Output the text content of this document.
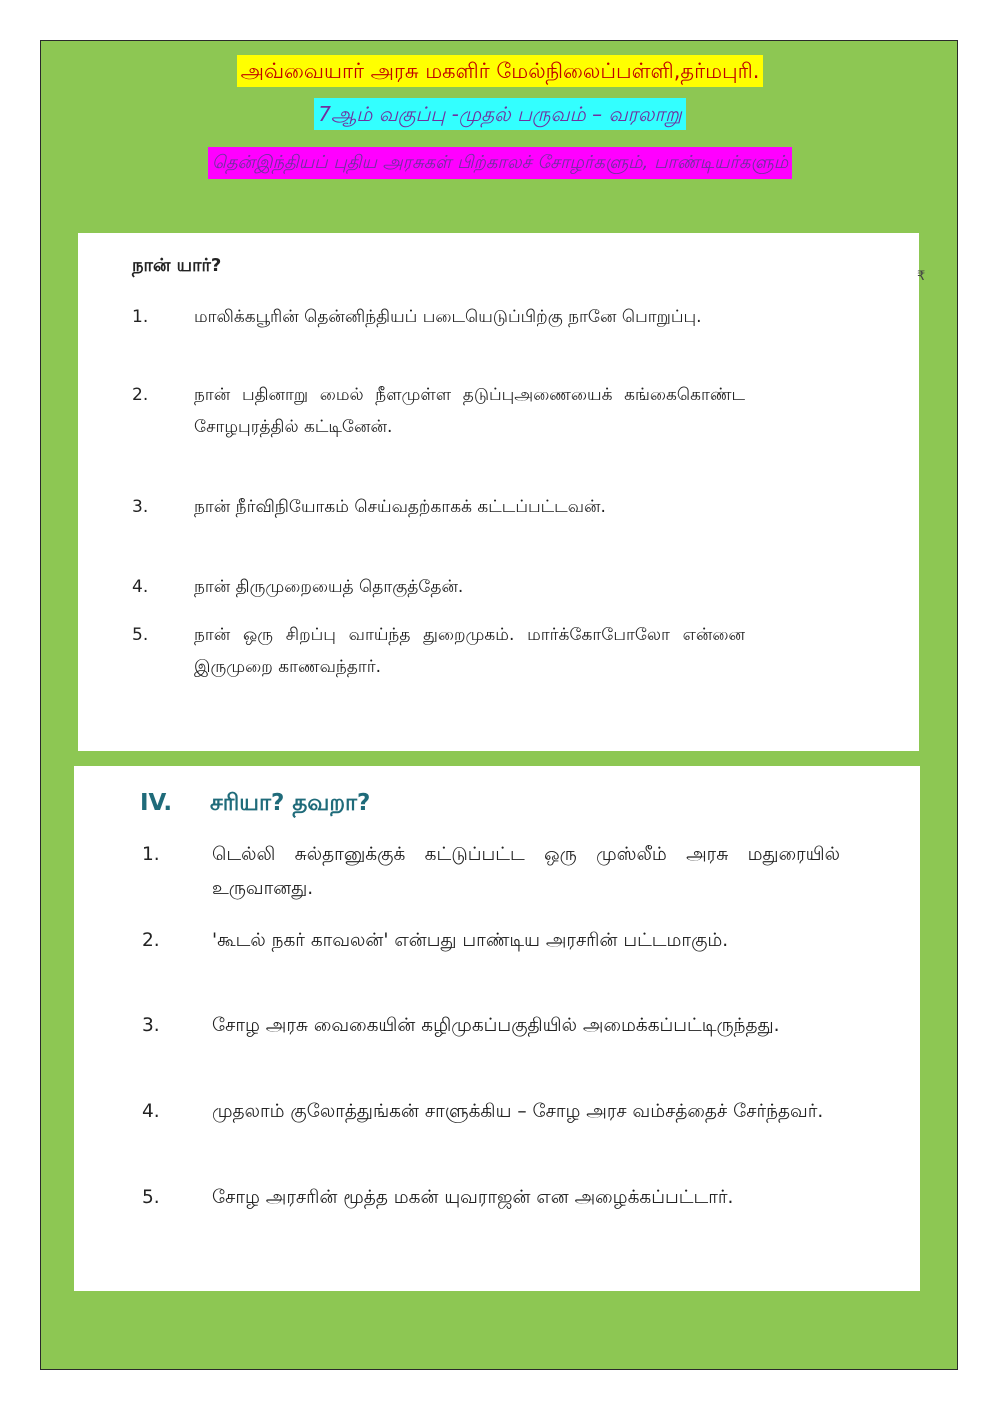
அவ்வையார் அரசு மகளிர் மேல்நிலைப்பள்ளி,தர்மபுரி.
7ஆம் வகுப்பு -முதல் பருவம் – வரலாறு
தென்இந்தியப் புதிய அரசுகள் பிற்காலச் சோழர்களும், பாண்டியர்களும்
நான் யார்?
1.	மாலிக்கபூரின் தென்னிந்தியப் படையெடுப்பிற்கு நானே பொறுப்பு.
2.	நான் பதினாறு மைல் நீளமுள்ள தடுப்புஅணையைக் கங்கைகொண்ட சோழபுரத்தில் கட்டினேன்.
3.	நான் நீர்விநியோகம் செய்வதற்காகக் கட்டப்பட்டவன்.
4.	நான் திருமுறையைத் தொகுத்தேன்.
5.	நான் ஒரு சிறப்பு வாய்ந்த துறைமுகம். மார்க்கோபோலோ என்னை இருமுறை காணவந்தார்.
₹
IV. சரியா? தவறா?
1.	டெல்லி சுல்தானுக்குக் கட்டுப்பட்ட ஒரு முஸ்லீம் அரசு மதுரையில் உருவானது.
2.	'கூடல் நகர் காவலன்' என்பது பாண்டிய அரசரின் பட்டமாகும்.
3.	சோழ அரசு வைகையின் கழிமுகப்பகுதியில் அமைக்கப்பட்டிருந்தது.
4.	முதலாம் குலோத்துங்கன் சாளுக்கிய – சோழ அரச வம்சத்தைச் சேர்ந்தவர்.
5.	சோழ அரசரின் மூத்த மகன் யுவராஜன் என அழைக்கப்பட்டார்.
